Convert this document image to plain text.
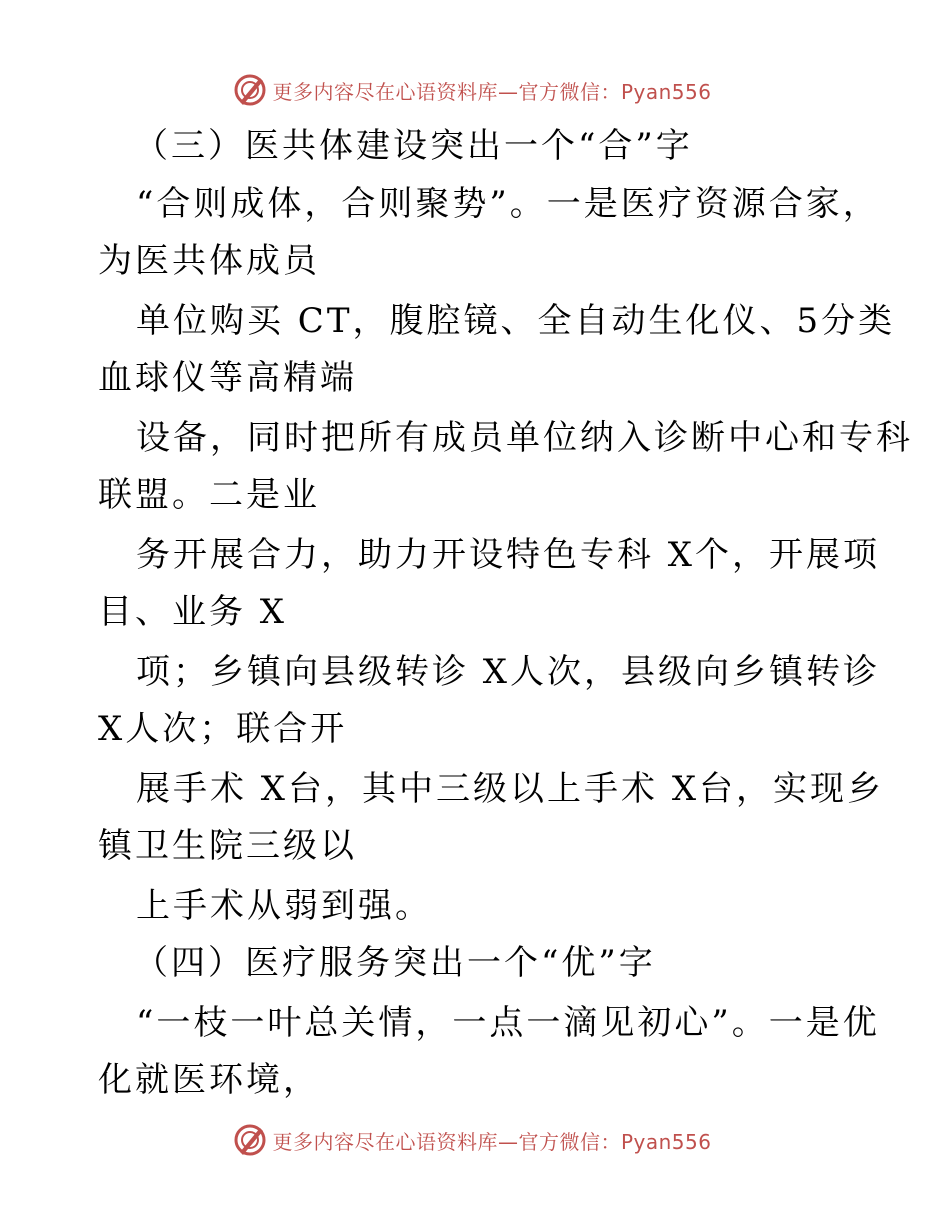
更多内容尽在心语资料库—官方微信：Pyan556
（三）医共体建设突出一个“合”字
“合则成体，合则聚势”。一是医疗资源合家，
为医共体成员
单位购买 CT，腹腔镜、全自动生化仪、5分类
血球仪等高精端
设备，同时把所有成员单位纳入诊断中心和专科
联盟。二是业
务开展合力，助力开设特色专科 X个，开展项
目、业务 X
项；乡镇向县级转诊 X人次，县级向乡镇转诊
X人次；联合开
展手术 X台，其中三级以上手术 X台，实现乡
镇卫生院三级以
上手术从弱到强。
（四）医疗服务突出一个“优”字
“一枝一叶总关情，一点一滴见初心”。一是优
化就医环境，
更多内容尽在心语资料库—官方微信：Pyan556
